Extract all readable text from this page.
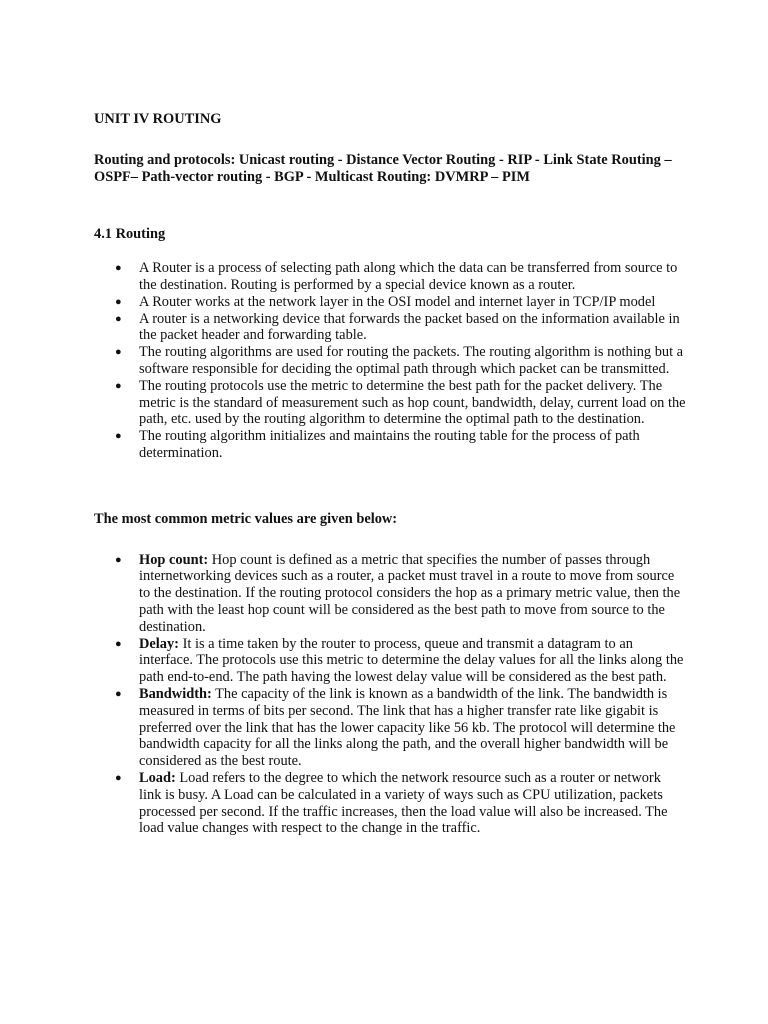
UNIT IV ROUTING

Routing and protocols: Unicast routing - Distance Vector Routing - RIP - Link State Routing – OSPF– Path-vector routing - BGP - Multicast Routing: DVMRP – PIM

4.1 Routing

● A Router is a process of selecting path along which the data can be transferred from source to the destination. Routing is performed by a special device known as a router.
● A Router works at the network layer in the OSI model and internet layer in TCP/IP model
● A router is a networking device that forwards the packet based on the information available in the packet header and forwarding table.
● The routing algorithms are used for routing the packets. The routing algorithm is nothing but a software responsible for deciding the optimal path through which packet can be transmitted.
● The routing protocols use the metric to determine the best path for the packet delivery. The metric is the standard of measurement such as hop count, bandwidth, delay, current load on the path, etc. used by the routing algorithm to determine the optimal path to the destination.
● The routing algorithm initializes and maintains the routing table for the process of path determination.

The most common metric values are given below:

● Hop count: Hop count is defined as a metric that specifies the number of passes through internetworking devices such as a router, a packet must travel in a route to move from source to the destination. If the routing protocol considers the hop as a primary metric value, then the path with the least hop count will be considered as the best path to move from source to the destination.
● Delay: It is a time taken by the router to process, queue and transmit a datagram to an interface. The protocols use this metric to determine the delay values for all the links along the path end-to-end. The path having the lowest delay value will be considered as the best path.
● Bandwidth: The capacity of the link is known as a bandwidth of the link. The bandwidth is measured in terms of bits per second. The link that has a higher transfer rate like gigabit is preferred over the link that has the lower capacity like 56 kb. The protocol will determine the bandwidth capacity for all the links along the path, and the overall higher bandwidth will be considered as the best route.
● Load: Load refers to the degree to which the network resource such as a router or network link is busy. A Load can be calculated in a variety of ways such as CPU utilization, packets processed per second. If the traffic increases, then the load value will also be increased. The load value changes with respect to the change in the traffic.
